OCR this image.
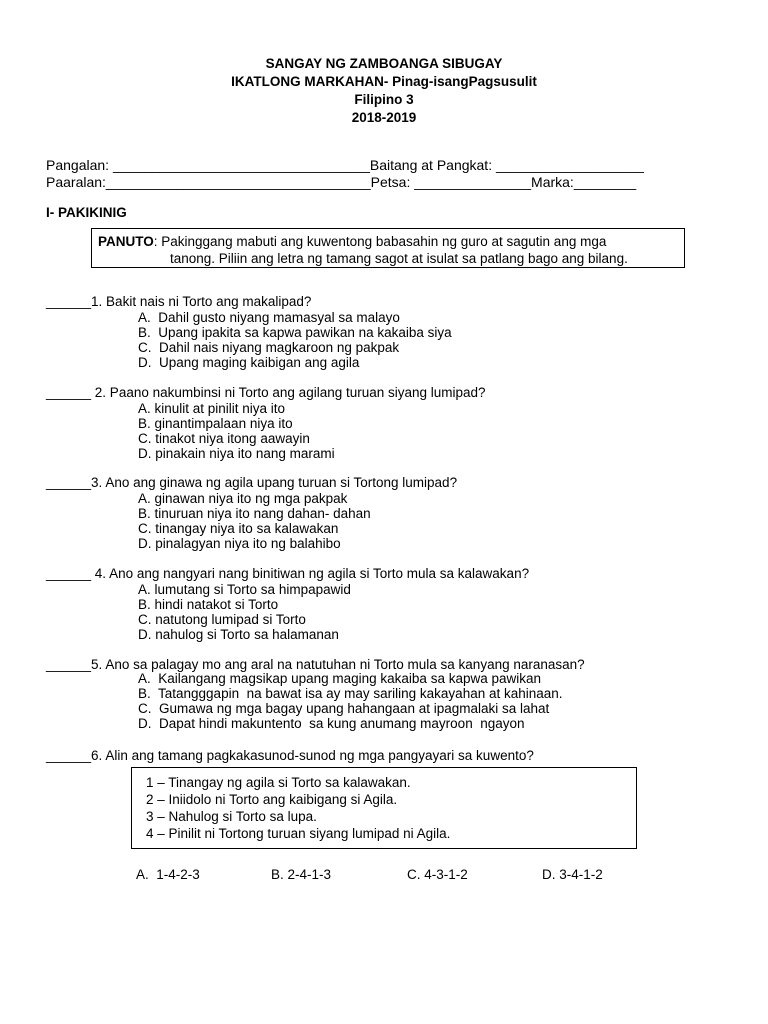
SANGAY NG ZAMBOANGA SIBUGAY
IKATLONG MARKAHAN- Pinag-isangPagsusulit
Filipino 3
2018-2019
Pangalan: _________________________________Baitang at Pangkat: ___________________
Paaralan:__________________________________Petsa: _______________Marka:________
I- PAKIKINIG
PANUTO: Pakinggang mabuti ang kuwentong babasahin ng guro at sagutin ang mga
tanong. Piliin ang letra ng tamang sagot at isulat sa patlang bago ang bilang.
______1. Bakit nais ni Torto ang makalipad?
A.  Dahil gusto niyang mamasyal sa malayo
B.  Upang ipakita sa kapwa pawikan na kakaiba siya
C.  Dahil nais niyang magkaroon ng pakpak
D.  Upang maging kaibigan ang agila
______ 2. Paano nakumbinsi ni Torto ang agilang turuan siyang lumipad?
A. kinulit at pinilit niya ito
B. ginantimpalaan niya ito
C. tinakot niya itong aawayin
D. pinakain niya ito nang marami
______3. Ano ang ginawa ng agila upang turuan si Tortong lumipad?
A. ginawan niya ito ng mga pakpak
B. tinuruan niya ito nang dahan- dahan
C. tinangay niya ito sa kalawakan
D. pinalagyan niya ito ng balahibo
______ 4. Ano ang nangyari nang binitiwan ng agila si Torto mula sa kalawakan?
A. lumutang si Torto sa himpapawid
B. hindi natakot si Torto
C. natutong lumipad si Torto
D. nahulog si Torto sa halamanan
______5. Ano sa palagay mo ang aral na natutuhan ni Torto mula sa kanyang naranasan?
A.  Kailangang magsikap upang maging kakaiba sa kapwa pawikan
B.  Tatangggapin  na bawat isa ay may sariling kakayahan at kahinaan.
C.  Gumawa ng mga bagay upang hahangaan at ipagmalaki sa lahat
D.  Dapat hindi makuntento  sa kung anumang mayroon  ngayon
______6. Alin ang tamang pagkakasunod-sunod ng mga pangyayari sa kuwento?
1 – Tinangay ng agila si Torto sa kalawakan.
2 – Iniidolo ni Torto ang kaibigang si Agila.
3 – Nahulog si Torto sa lupa.
4 – Pinilit ni Tortong turuan siyang lumipad ni Agila.
A.  1-4-2-3	B. 2-4-1-3	C. 4-3-1-2	D. 3-4-1-2
